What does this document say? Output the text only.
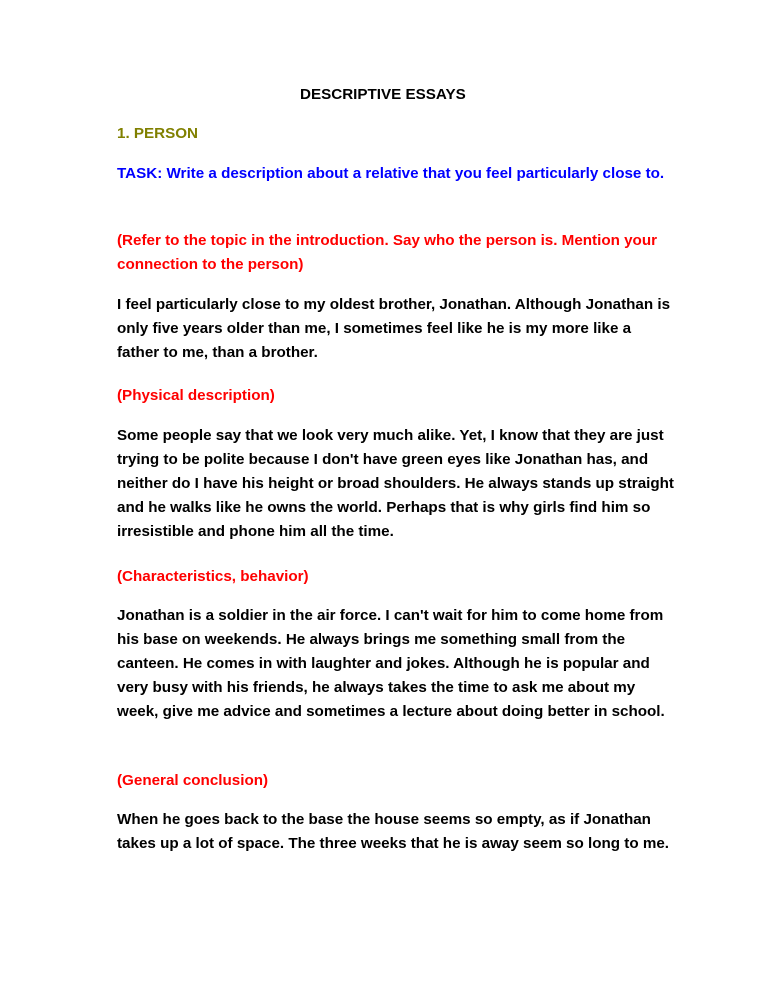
DESCRIPTIVE ESSAYS

1. PERSON

TASK: Write a description about a relative that you feel particularly close to.

(Refer to the topic in the introduction. Say who the person is. Mention your connection to the person)

I feel particularly close to my oldest brother, Jonathan. Although Jonathan is only five years older than me, I sometimes feel like he is my more like a father to me, than a brother.

(Physical description)

Some people say that we look very much alike. Yet, I know that they are just trying to be polite because I don't have green eyes like Jonathan has, and neither do I have his height or broad shoulders. He always stands up straight and he walks like he owns the world. Perhaps that is why girls find him so irresistible and phone him all the time.

(Characteristics, behavior)

Jonathan is a soldier in the air force. I can't wait for him to come home from his base on weekends. He always brings me something small from the canteen. He comes in with laughter and jokes. Although he is popular and very busy with his friends, he always takes the time to ask me about my week, give me advice and sometimes a lecture about doing better in school.

(General conclusion)

When he goes back to the base the house seems so empty, as if Jonathan takes up a lot of space. The three weeks that he is away seem so long to me.
